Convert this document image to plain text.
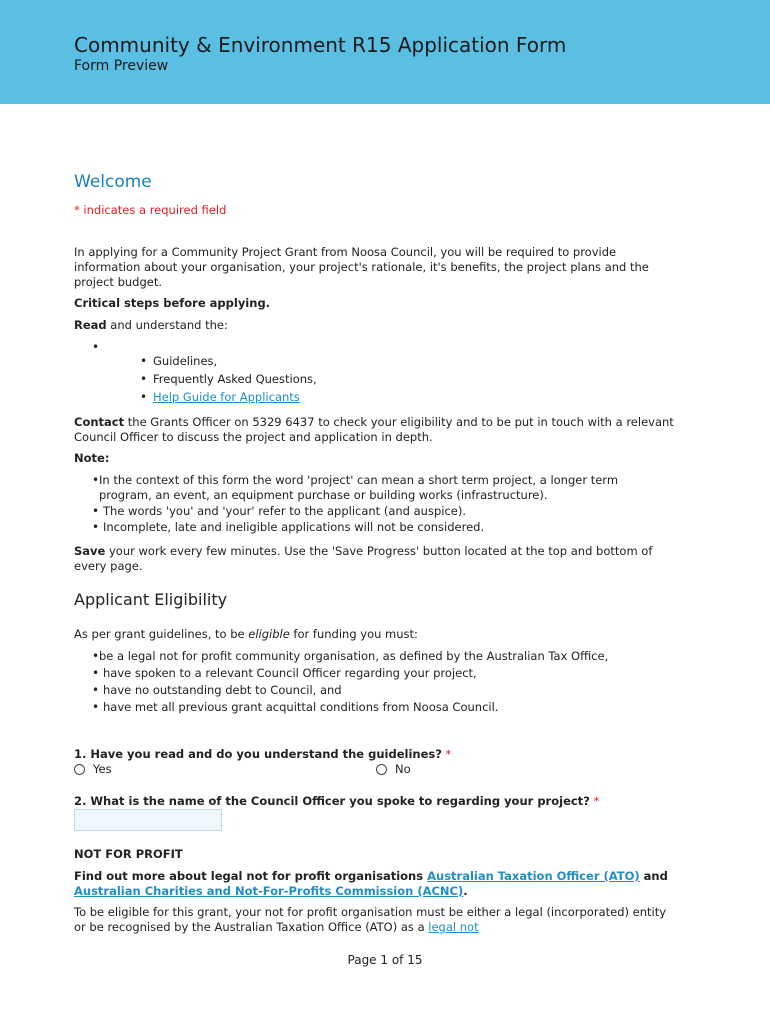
Community & Environment R15 Application Form
Form Preview
Welcome
* indicates a required field
In applying for a Community Project Grant from Noosa Council, you will be required to provide information about your organisation, your project's rationale, it's benefits, the project plans and the project budget.
Critical steps before applying.
Read and understand the:
•
• Guidelines,
• Frequently Asked Questions,
• Help Guide for Applicants
Contact the Grants Officer on 5329 6437 to check your eligibility and to be put in touch with a relevant Council Officer to discuss the project and application in depth.
Note:
• In the context of this form the word 'project' can mean a short term project, a longer term program, an event, an equipment purchase or building works (infrastructure).
• The words 'you' and 'your' refer to the applicant (and auspice).
• Incomplete, late and ineligible applications will not be considered.
Save your work every few minutes. Use the 'Save Progress' button located at the top and bottom of every page.
Applicant Eligibility
As per grant guidelines, to be eligible for funding you must:
• be a legal not for profit community organisation, as defined by the Australian Tax Office,
• have spoken to a relevant Council Officer regarding your project,
• have no outstanding debt to Council, and
• have met all previous grant acquittal conditions from Noosa Council.
1. Have you read and do you understand the guidelines? *
Yes	No
2. What is the name of the Council Officer you spoke to regarding your project? *
NOT FOR PROFIT
Find out more about legal not for profit organisations Australian Taxation Officer (ATO) and Australian Charities and Not-For-Profits Commission (ACNC).
To be eligible for this grant, your not for profit organisation must be either a legal (incorporated) entity or be recognised by the Australian Taxation Office (ATO) as a legal not
Page 1 of 15
